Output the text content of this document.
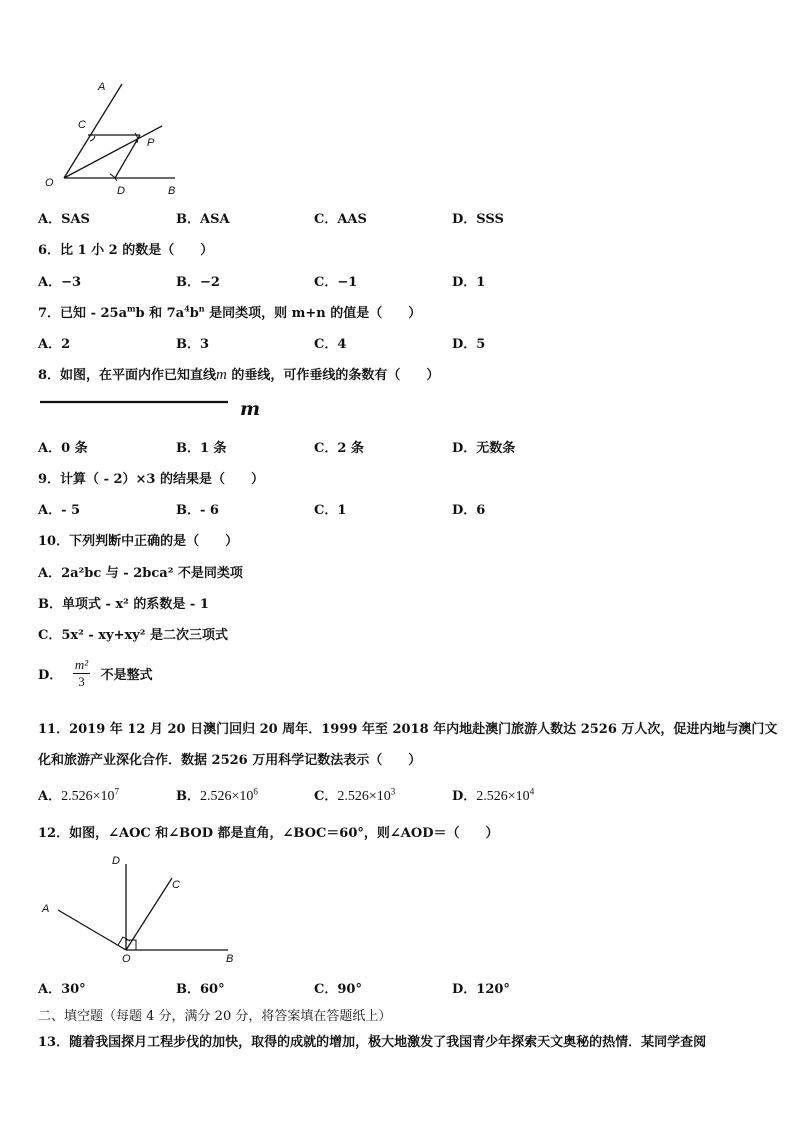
A
C
P
O
D	B
A．SAS	B．ASA	C．AAS	D．SSS
6．比 1 小 2 的数是（　　）
A．−3	B．−2	C．−1	D．1
7．已知 - $25a^mb$ 和 $7a^4b^n$ 是同类项，则 m+n 的值是（　　）
A．2	B．3	C．4	D．5
8．如图，在平面内作已知直线m 的垂线，可作垂线的条数有（　　）
m
A．0 条	B．1 条	C．2 条	D．无数条
9．计算（ - 2）×3 的结果是（　　）
A．- 5	B．- 6	C．1	D．6
10．下列判断中正确的是（　　）
A．2a²bc 与 - 2bca² 不是同类项
B．单项式 - x² 的系数是 - 1
C．5x² - xy+xy² 是二次三项式
D． $\frac{\text{m²}}{3}$ 不是整式
11．2019 年 12 月 20 日澳门回归 20 周年．1999 年至 2018 年内地赴澳门旅游人数达 2526 万人次，促进内地与澳门文
化和旅游产业深化合作．数据 2526 万用科学记数法表示（　　）
A．$2.526\times 10^7$	B．$2.526\times 10^6$	C．$2.526\times 10^3$	D．$2.526\times 10^4$
12．如图，∠AOC 和∠BOD 都是直角，∠BOC＝60°，则∠AOD＝（　　）
D
C
A
O	B
A．30°	B．60°	C．90°	D．120°
二、填空题（每题 4 分，满分 20 分，将答案填在答题纸上）
13．随着我国探月工程步伐的加快，取得的成就的增加，极大地激发了我国青少年探索天文奥秘的热情．某同学查阅
